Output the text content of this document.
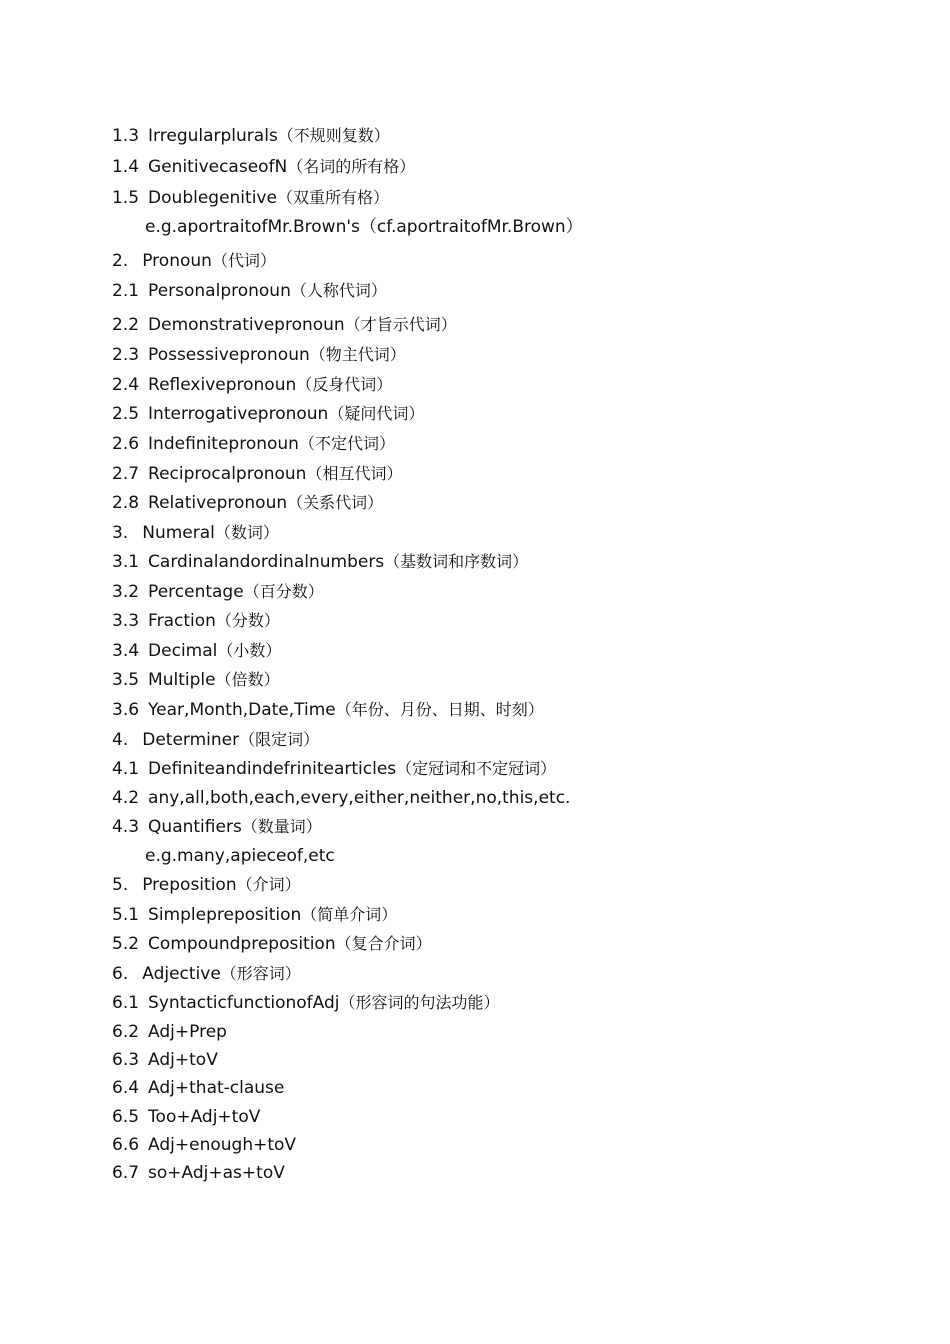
1.3 Irregularplurals（不规则复数）
1.4 GenitivecaseofN（名词的所有格）
1.5 Doublegenitive（双重所有格）
e.g.aportraitofMr.Brown's（cf.aportraitofMr.Brown）
2. Pronoun（代词）
2.1 Personalpronoun（人称代词）
2.2 Demonstrativepronoun（才旨示代词）
2.3 Possessivepronoun（物主代词）
2.4 Reflexivepronoun（反身代词）
2.5 Interrogativepronoun（疑问代词）
2.6 Indefinitepronoun（不定代词）
2.7 Reciprocalpronoun（相互代词）
2.8 Relativepronoun（关系代词）
3. Numeral（数词）
3.1 Cardinalandordinalnumbers（基数词和序数词）
3.2 Percentage（百分数）
3.3 Fraction（分数）
3.4 Decimal（小数）
3.5 Multiple（倍数）
3.6 Year,Month,Date,Time（年份、月份、日期、时刻）
4. Determiner（限定词）
4.1 Definiteandindefrinitearticles（定冠词和不定冠词）
4.2 any,all,both,each,every,either,neither,no,this,etc.
4.3 Quantifiers（数量词）
e.g.many,apieceof,etc
5. Preposition（介词）
5.1 Simplepreposition（简单介词）
5.2 Compoundpreposition（复合介词）
6. Adjective（形容词）
6.1 SyntacticfunctionofAdj（形容词的句法功能）
6.2 Adj+Prep
6.3 Adj+toV
6.4 Adj+that-clause
6.5 Too+Adj+toV
6.6 Adj+enough+toV
6.7 so+Adj+as+toV
